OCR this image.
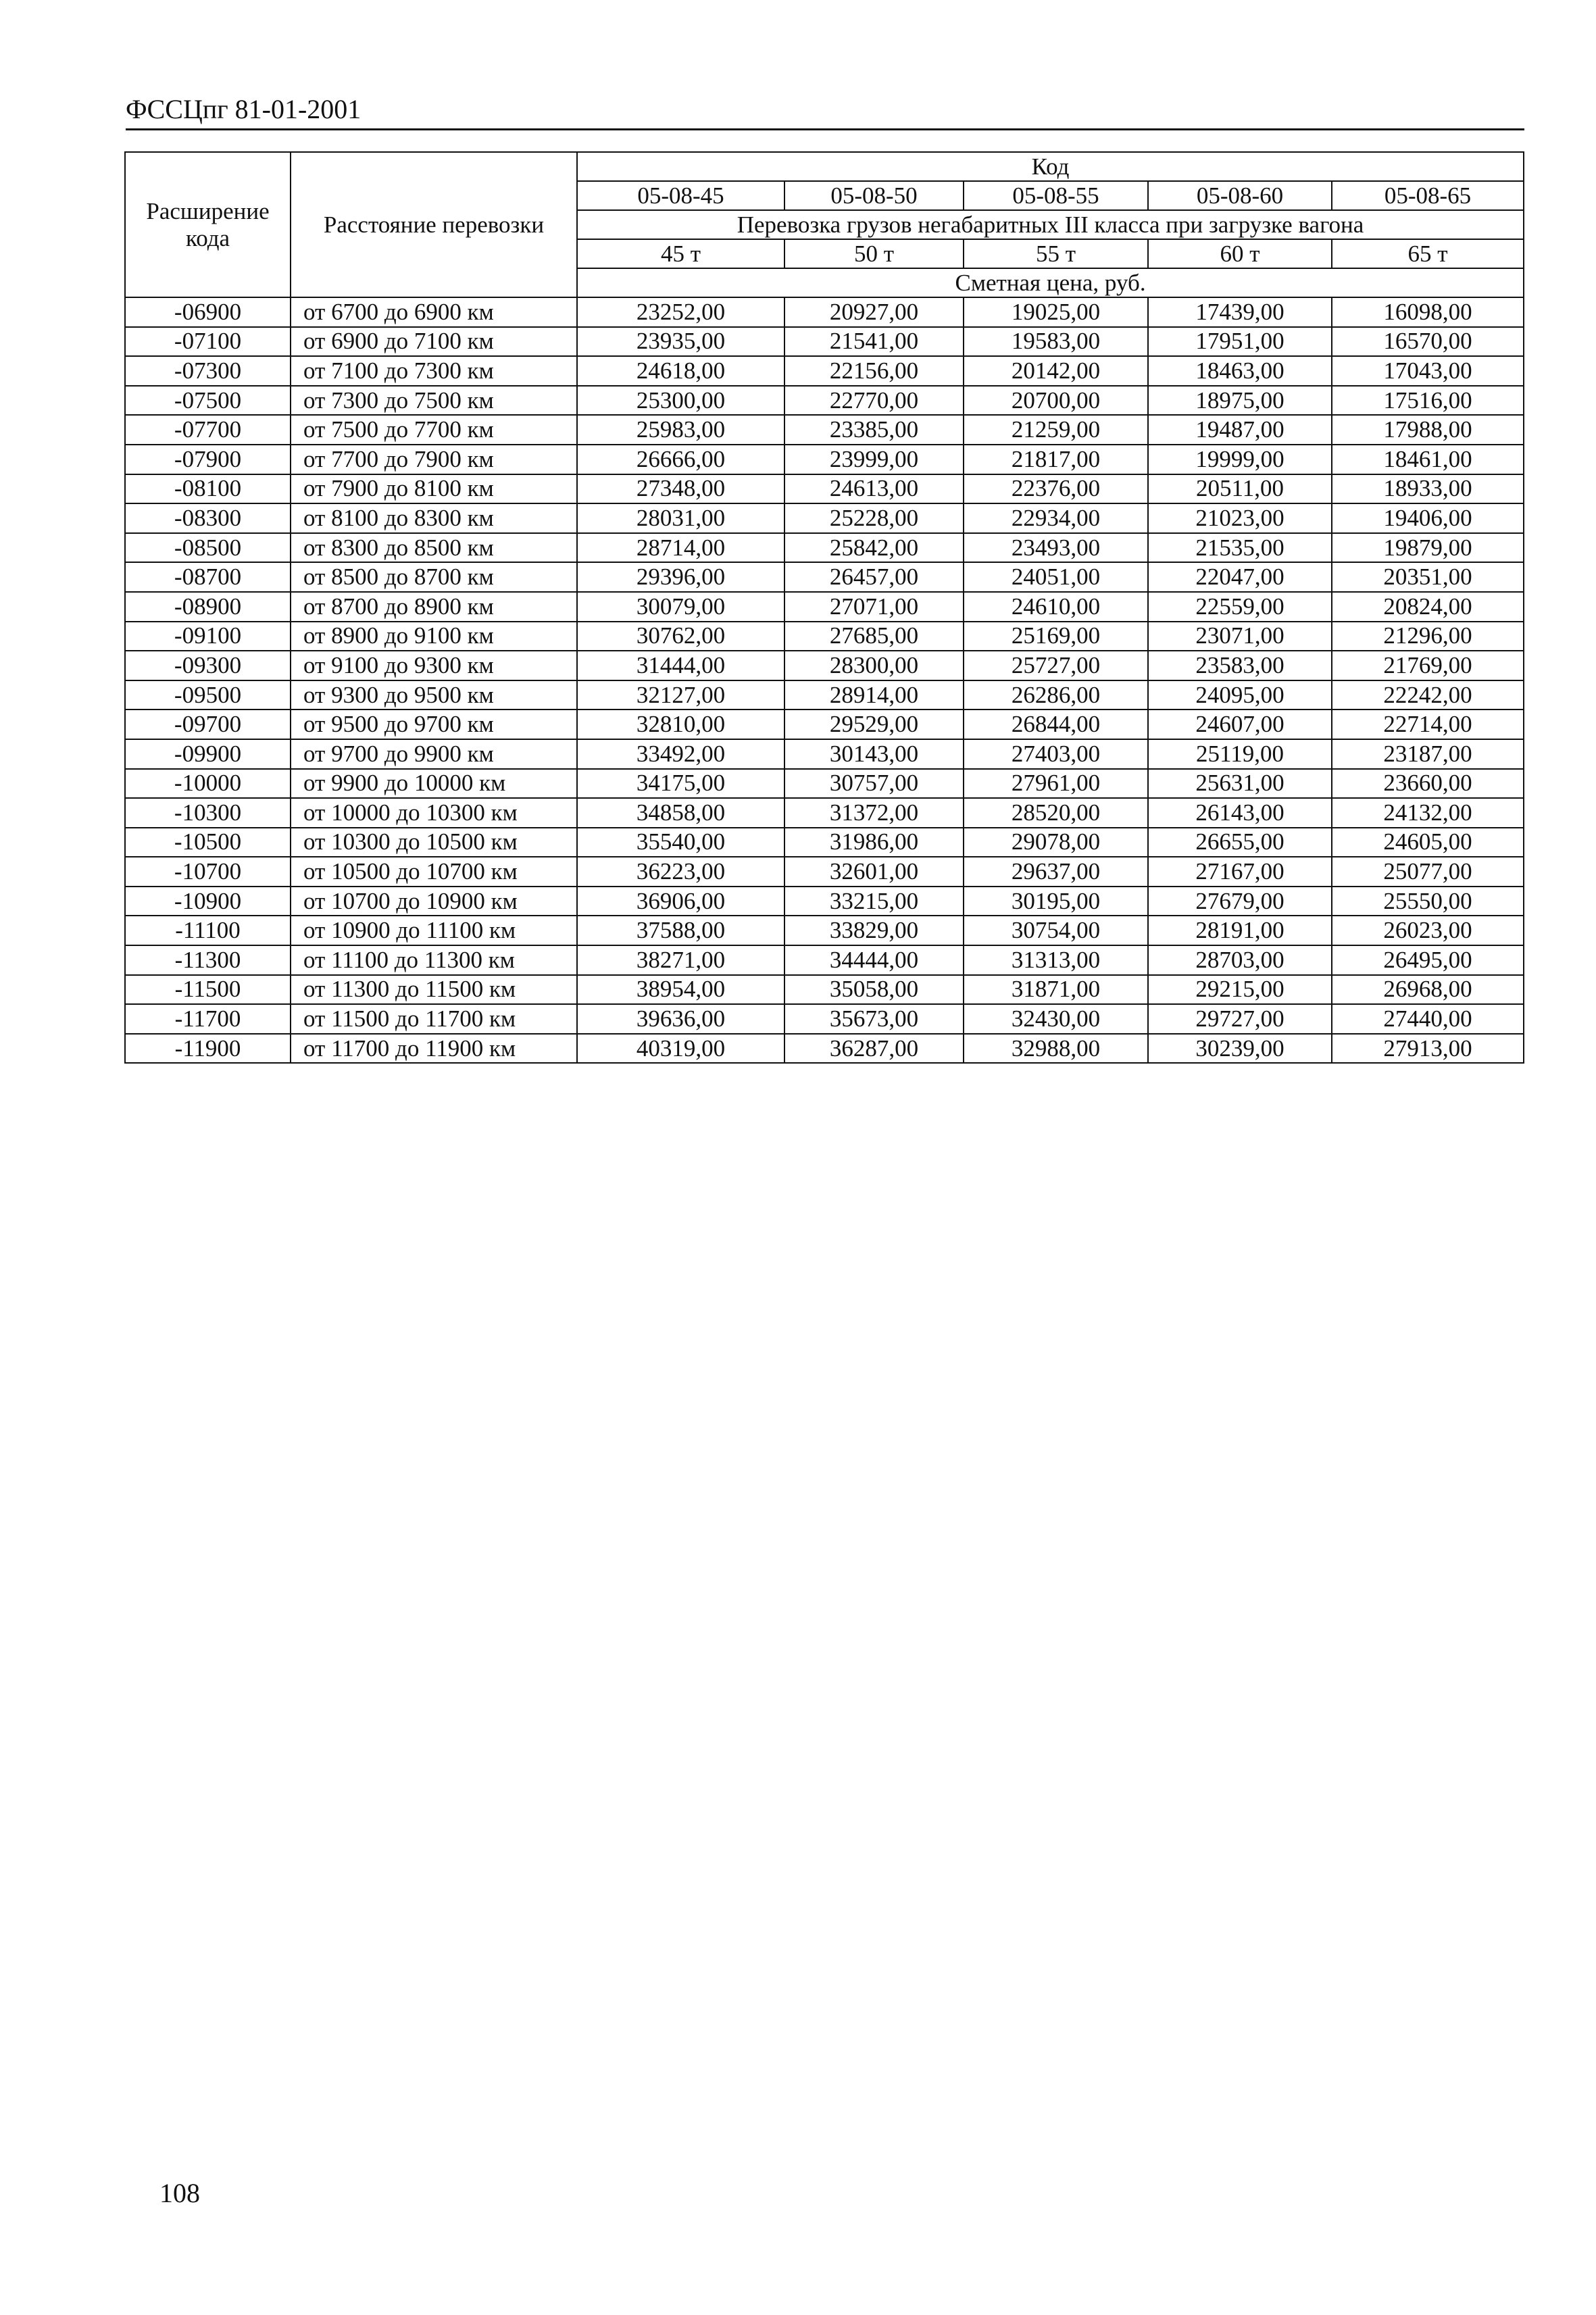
ФССЦпг 81-01-2001
Расширение кода	Расстояние перевозки	Код				
		05-08-45	05-08-50	05-08-55	05-08-60	05-08-65
		Перевозка грузов негабаритных III класса при загрузке вагона				
		45 т	50 т	55 т	60 т	65 т
		Сметная цена, руб.				
-06900	от 6700 до 6900 км	23252,00	20927,00	19025,00	17439,00	16098,00
-07100	от 6900 до 7100 км	23935,00	21541,00	19583,00	17951,00	16570,00
-07300	от 7100 до 7300 км	24618,00	22156,00	20142,00	18463,00	17043,00
-07500	от 7300 до 7500 км	25300,00	22770,00	20700,00	18975,00	17516,00
-07700	от 7500 до 7700 км	25983,00	23385,00	21259,00	19487,00	17988,00
-07900	от 7700 до 7900 км	26666,00	23999,00	21817,00	19999,00	18461,00
-08100	от 7900 до 8100 км	27348,00	24613,00	22376,00	20511,00	18933,00
-08300	от 8100 до 8300 км	28031,00	25228,00	22934,00	21023,00	19406,00
-08500	от 8300 до 8500 км	28714,00	25842,00	23493,00	21535,00	19879,00
-08700	от 8500 до 8700 км	29396,00	26457,00	24051,00	22047,00	20351,00
-08900	от 8700 до 8900 км	30079,00	27071,00	24610,00	22559,00	20824,00
-09100	от 8900 до 9100 км	30762,00	27685,00	25169,00	23071,00	21296,00
-09300	от 9100 до 9300 км	31444,00	28300,00	25727,00	23583,00	21769,00
-09500	от 9300 до 9500 км	32127,00	28914,00	26286,00	24095,00	22242,00
-09700	от 9500 до 9700 км	32810,00	29529,00	26844,00	24607,00	22714,00
-09900	от 9700 до 9900 км	33492,00	30143,00	27403,00	25119,00	23187,00
-10000	от 9900 до 10000 км	34175,00	30757,00	27961,00	25631,00	23660,00
-10300	от 10000 до 10300 км	34858,00	31372,00	28520,00	26143,00	24132,00
-10500	от 10300 до 10500 км	35540,00	31986,00	29078,00	26655,00	24605,00
-10700	от 10500 до 10700 км	36223,00	32601,00	29637,00	27167,00	25077,00
-10900	от 10700 до 10900 км	36906,00	33215,00	30195,00	27679,00	25550,00
-11100	от 10900 до 11100 км	37588,00	33829,00	30754,00	28191,00	26023,00
-11300	от 11100 до 11300 км	38271,00	34444,00	31313,00	28703,00	26495,00
-11500	от 11300 до 11500 км	38954,00	35058,00	31871,00	29215,00	26968,00
-11700	от 11500 до 11700 км	39636,00	35673,00	32430,00	29727,00	27440,00
-11900	от 11700 до 11900 км	40319,00	36287,00	32988,00	30239,00	27913,00
108
